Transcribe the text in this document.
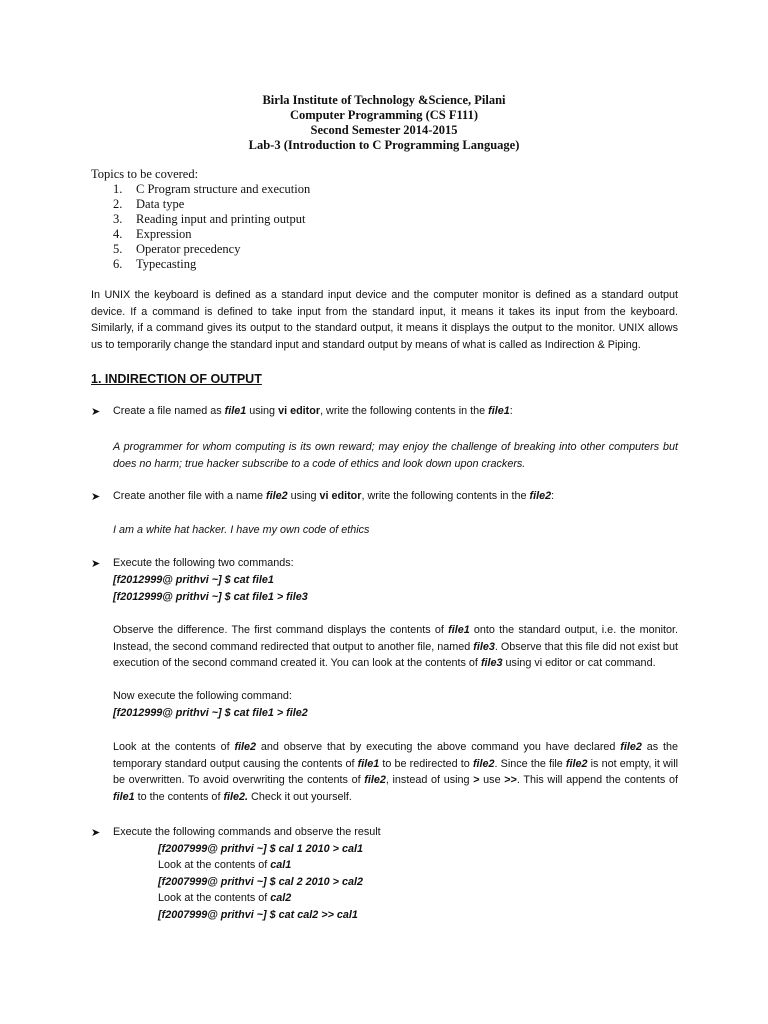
Birla Institute of Technology &Science, Pilani
Computer Programming (CS F111)
Second Semester 2014-2015
Lab-3 (Introduction to C Programming Language)
Topics to be covered:
1. C Program structure and execution
2. Data type
3. Reading input and printing output
4. Expression
5. Operator precedency
6. Typecasting
In UNIX the keyboard is defined as a standard input device and the computer monitor is defined as a standard output device. If a command is defined to take input from the standard input, it means it takes its input from the keyboard. Similarly, if a command gives its output to the standard output, it means it displays the output to the monitor. UNIX allows us to temporarily change the standard input and standard output by means of what is called as Indirection & Piping.
1. INDIRECTION OF OUTPUT
➤ Create a file named as file1 using vi editor, write the following contents in the file1:
A programmer for whom computing is its own reward; may enjoy the challenge of breaking into other computers but does no harm; true hacker subscribe to a code of ethics and look down upon crackers.
➤ Create another file with a name file2 using vi editor, write the following contents in the file2:
I am a white hat hacker. I have my own code of ethics
➤ Execute the following two commands:
[f2012999@ prithvi ~] $ cat file1
[f2012999@ prithvi ~] $ cat file1 > file3
Observe the difference. The first command displays the contents of file1 onto the standard output, i.e. the monitor. Instead, the second command redirected that output to another file, named file3. Observe that this file did not exist but execution of the second command created it. You can look at the contents of file3 using vi editor or cat command.
Now execute the following command:
[f2012999@ prithvi ~] $ cat file1 > file2
Look at the contents of file2 and observe that by executing the above command you have declared file2 as the temporary standard output causing the contents of file1 to be redirected to file2. Since the file file2 is not empty, it will be overwritten. To avoid overwriting the contents of file2, instead of using > use >>. This will append the contents of file1 to the contents of file2. Check it out yourself.
➤ Execute the following commands and observe the result
[f2007999@ prithvi ~] $ cal 1 2010 > cal1
Look at the contents of cal1
[f2007999@ prithvi ~] $ cal 2 2010 > cal2
Look at the contents of cal2
[f2007999@ prithvi ~] $ cat cal2 >> cal1
